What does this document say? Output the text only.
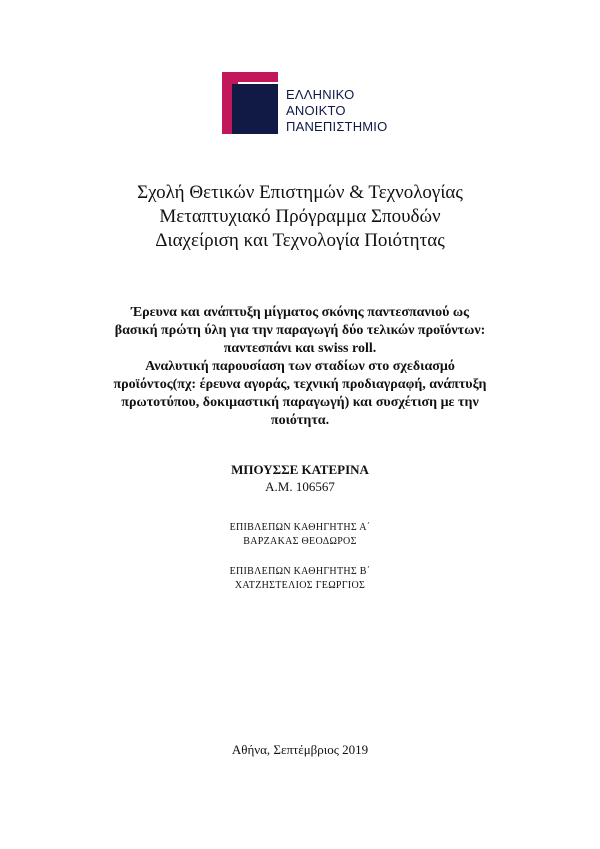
ΕΛΛΗΝΙΚΟ
ΑΝΟΙΚΤΟ
ΠΑΝΕΠΙΣΤΗΜΙΟ
Σχολή Θετικών Επιστημών & Τεχνολογίας
Μεταπτυχιακό Πρόγραμμα Σπουδών
Διαχείριση και Τεχνολογία Ποιότητας
Έρευνα και ανάπτυξη μίγματος σκόνης παντεσπανιού ως
βασική πρώτη ύλη για την παραγωγή δύο τελικών προϊόντων:
παντεσπάνι και swiss roll.
Αναλυτική παρουσίαση των σταδίων στο σχεδιασμό
προϊόντος(πχ: έρευνα αγοράς, τεχνική προδιαγραφή, ανάπτυξη
πρωτοτύπου, δοκιμαστική παραγωγή) και συσχέτιση με την
ποιότητα.
ΜΠΟΥΣΣΕ ΚΑΤΕΡΙΝΑ
Α.Μ. 106567
ΕΠΙΒΛΕΠΩΝ ΚΑΘΗΓΗΤΗΣ Α΄
ΒΑΡΖΑΚΑΣ ΘΕΟΔΩΡΟΣ
ΕΠΙΒΛΕΠΩΝ ΚΑΘΗΓΗΤΗΣ Β΄
ΧΑΤΖΗΣΤΕΛΙΟΣ ΓΕΩΡΓΙΟΣ
Αθήνα, Σεπτέμβριος 2019
